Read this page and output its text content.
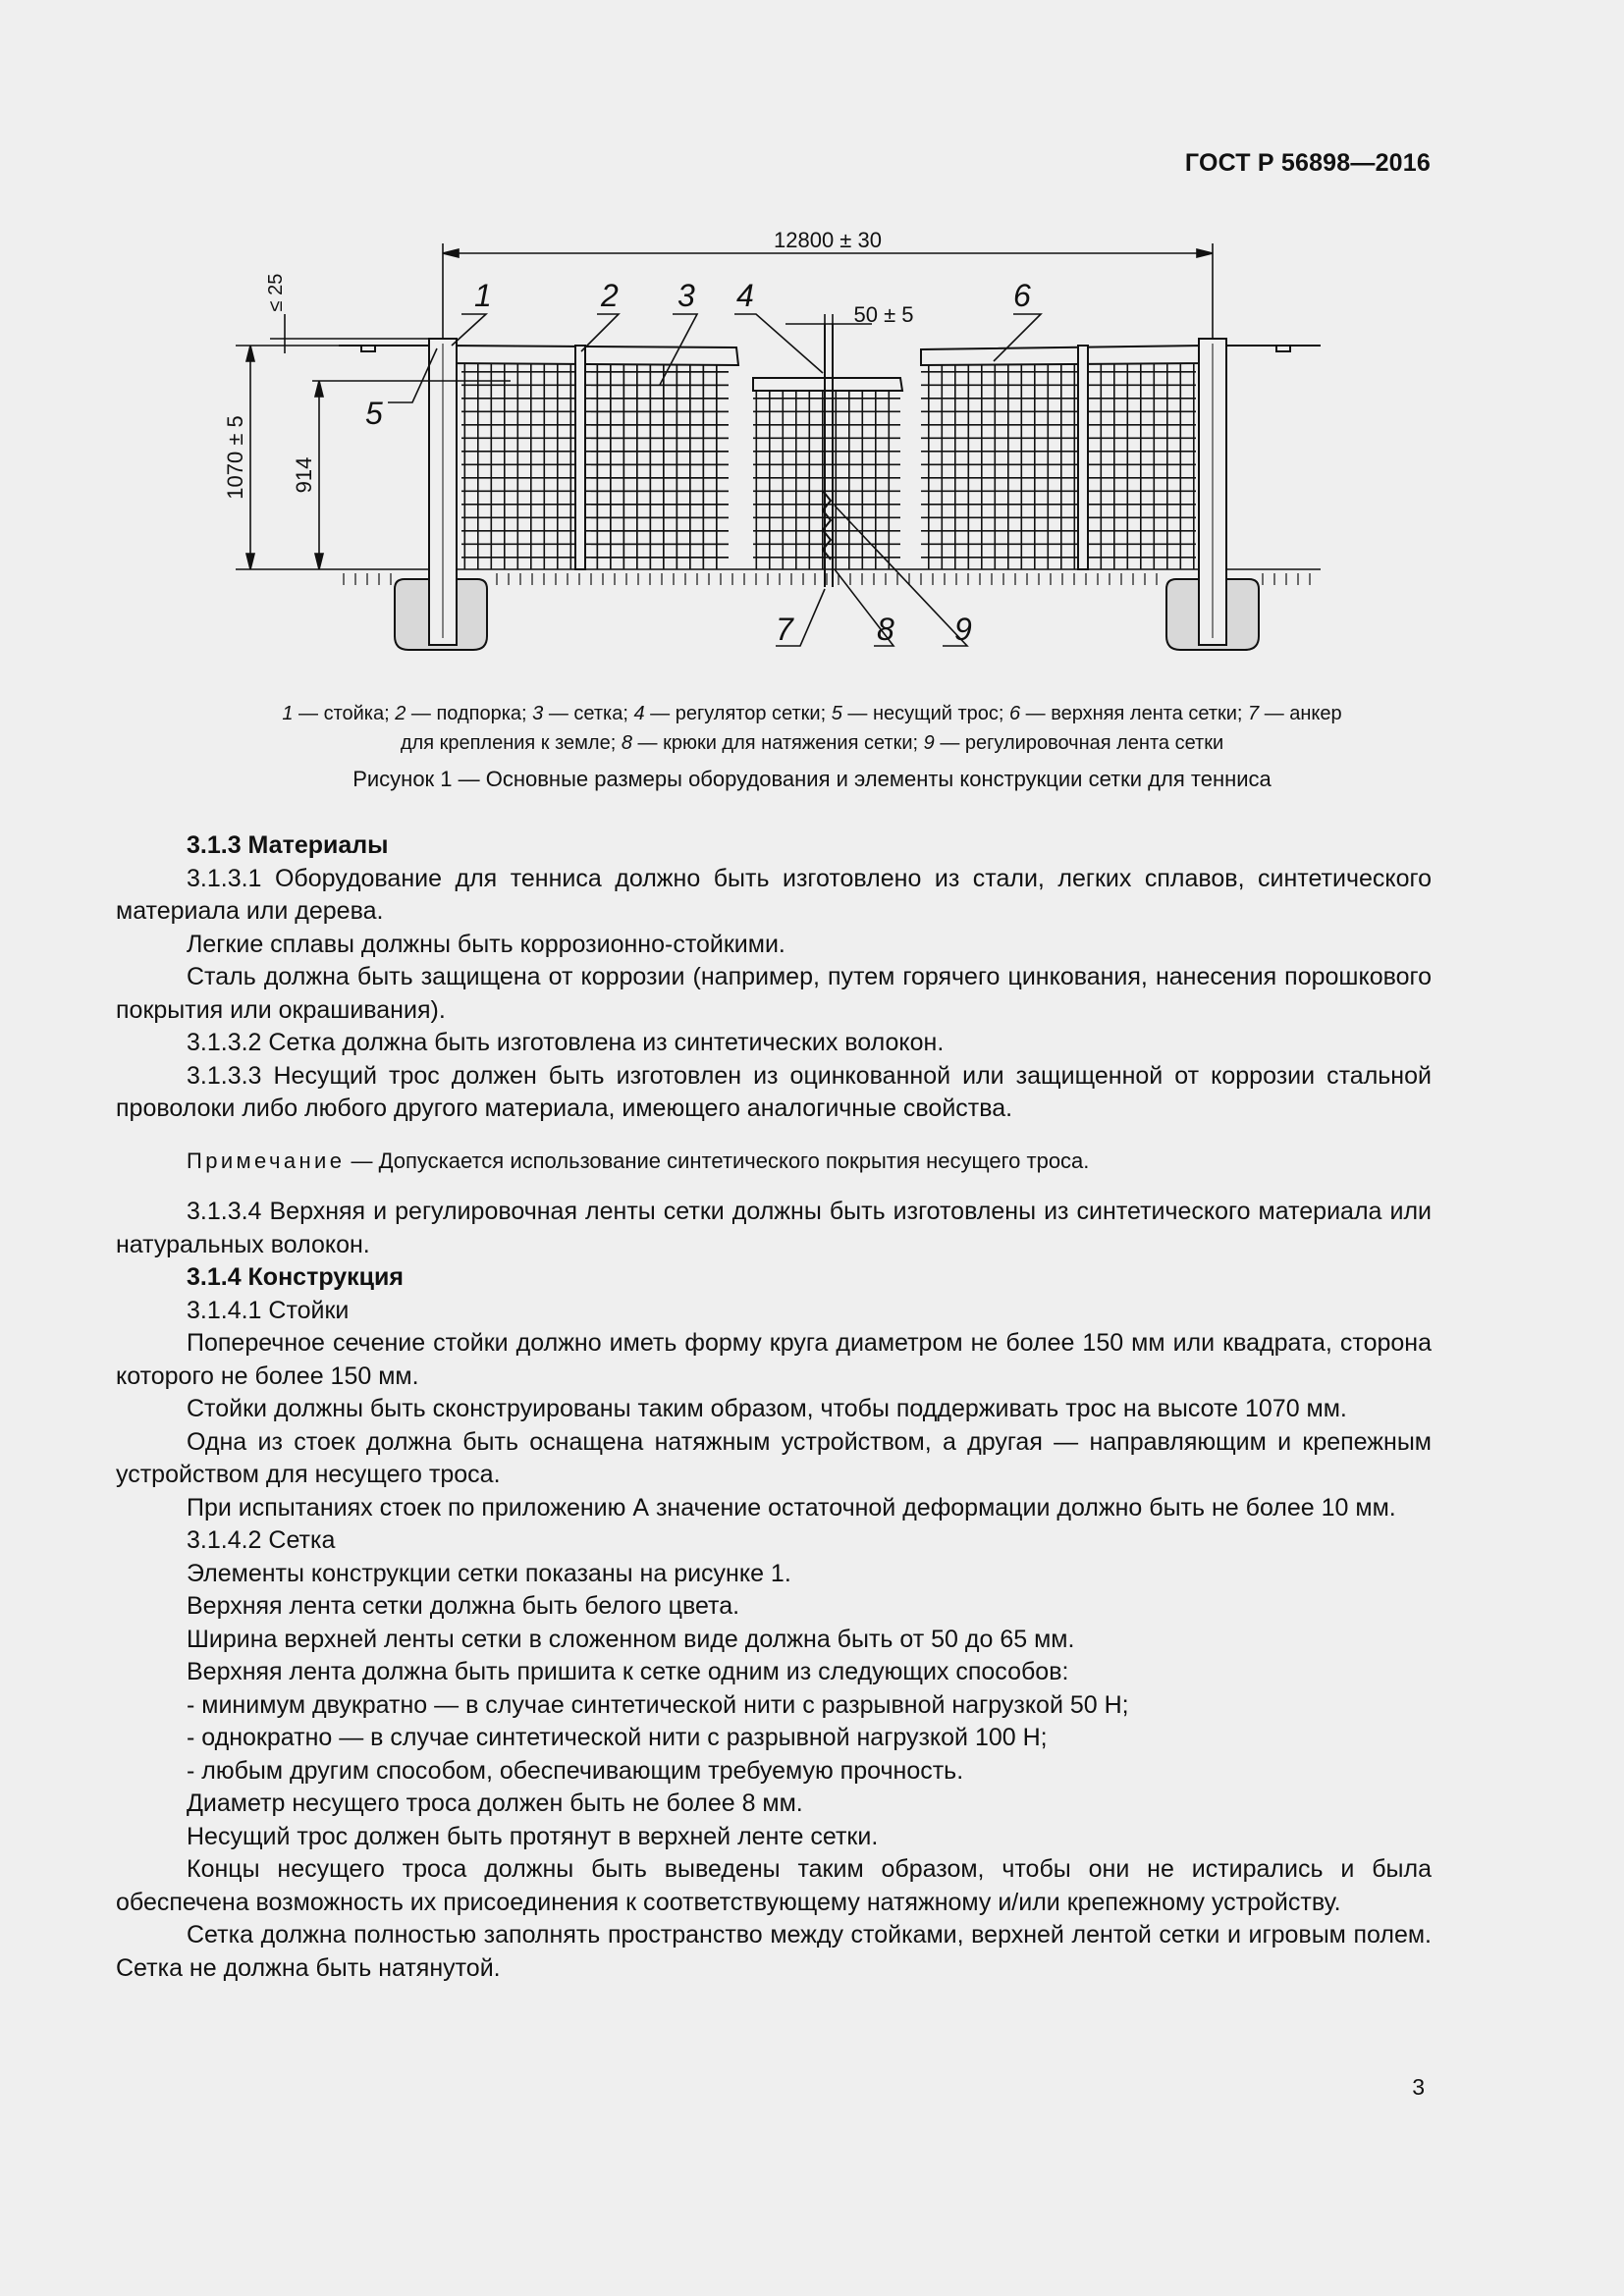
ГОСТ Р 56898—2016
12800 ± 30
50 ± 5
1070 ± 5 914
≤ 25	1	2 3 4
5
6
7	8 9
1 — стойка; 2 — подпорка; 3 — сетка; 4 — регулятор сетки; 5 — несущий трос; 6 — верхняя лента сетки; 7 — анкер
для крепления к земле; 8 — крюки для натяжения сетки; 9 — регулировочная лента сетки
Рисунок 1 — Основные размеры оборудования и элементы конструкции сетки для тенниса

3.1.3 Материалы

3.1.3.1 Оборудование для тенниса должно быть изготовлено из стали, легких сплавов, синтетического материала или дерева.

Легкие сплавы должны быть коррозионно-стойкими.

Сталь должна быть защищена от коррозии (например, путем горячего цинкования, нанесения порошкового покрытия или окрашивания).

3.1.3.2 Сетка должна быть изготовлена из синтетических волокон.

3.1.3.3 Несущий трос должен быть изготовлен из оцинкованной или защищенной от коррозии стальной проволоки либо любого другого материала, имеющего аналогичные свойства.

Примечание — Допускается использование синтетического покрытия несущего троса.

3.1.3.4 Верхняя и регулировочная ленты сетки должны быть изготовлены из синтетического материала или натуральных волокон.

3.1.4 Конструкция

3.1.4.1 Стойки

Поперечное сечение стойки должно иметь форму круга диаметром не более 150 мм или квадрата, сторона которого не более 150 мм.

Стойки должны быть сконструированы таким образом, чтобы поддерживать трос на высоте 1070 мм.

Одна из стоек должна быть оснащена натяжным устройством, а другая — направляющим и крепежным устройством для несущего троса.

При испытаниях стоек по приложению А значение остаточной деформации должно быть не более 10 мм.

3.1.4.2 Сетка

Элементы конструкции сетки показаны на рисунке 1.

Верхняя лента сетки должна быть белого цвета.

Ширина верхней ленты сетки в сложенном виде должна быть от 50 до 65 мм.

Верхняя лента должна быть пришита к сетке одним из следующих способов:

- минимум двукратно — в случае синтетической нити с разрывной нагрузкой 50 Н;

- однократно — в случае синтетической нити с разрывной нагрузкой 100 Н;

- любым другим способом, обеспечивающим требуемую прочность.

Диаметр несущего троса должен быть не более 8 мм.

Несущий трос должен быть протянут в верхней ленте сетки.

Концы несущего троса должны быть выведены таким образом, чтобы они не истирались и была обеспечена возможность их присоединения к соответствующему натяжному и/или крепежному устройству.

Сетка должна полностью заполнять пространство между стойками, верхней лентой сетки и игровым полем. Сетка не должна быть натянутой.

3
